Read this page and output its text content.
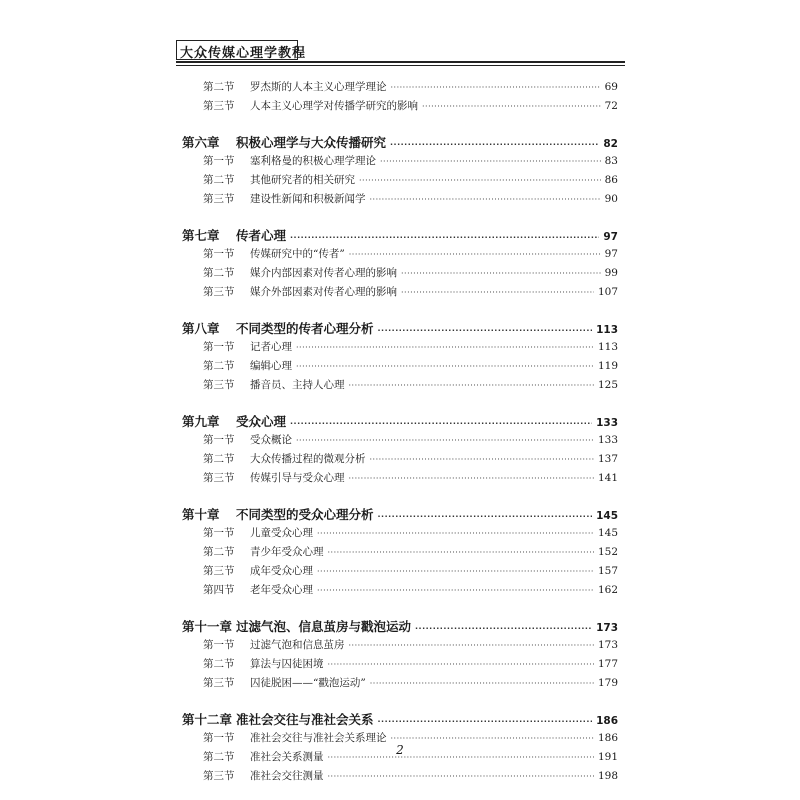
大众传媒心理学教程
第二节	罗杰斯的人本主义心理学理论 ·····	69
第三节	人本主义心理学对传播学研究的影响 ·····	72
第六章	积极心理学与大众传播研究 ·····	82
第一节	塞利格曼的积极心理学理论 ·····	83
第二节	其他研究者的相关研究 ·····	86
第三节	建设性新闻和积极新闻学 ·····	90
第七章	传者心理 ·····	97
第一节	传媒研究中的“传者” ·····	97
第二节	媒介内部因素对传者心理的影响 ·····	99
第三节	媒介外部因素对传者心理的影响 ·····	107
第八章	不同类型的传者心理分析 ·····	113
第一节	记者心理 ·····	113
第二节	编辑心理 ·····	119
第三节	播音员、主持人心理 ·····	125
第九章	受众心理 ·····	133
第一节	受众概论 ·····	133
第二节	大众传播过程的微观分析 ·····	137
第三节	传媒引导与受众心理 ·····	141
第十章	不同类型的受众心理分析 ·····	145
第一节	儿童受众心理 ·····	145
第二节	青少年受众心理 ·····	152
第三节	成年受众心理 ·····	157
第四节	老年受众心理 ·····	162
第十一章 过滤气泡、信息茧房与戳泡运动 ·····	173
第一节	过滤气泡和信息茧房 ·····	173
第二节	算法与囚徒困境 ·····	177
第三节	囚徒脱困——“戳泡运动” ·····	179
第十二章 准社会交往与准社会关系 ·····	186
第一节	准社会交往与准社会关系理论 ·····	186
第二节	准社会关系测量 ·····	191
第三节	准社会交往测量 ·····	198
2
